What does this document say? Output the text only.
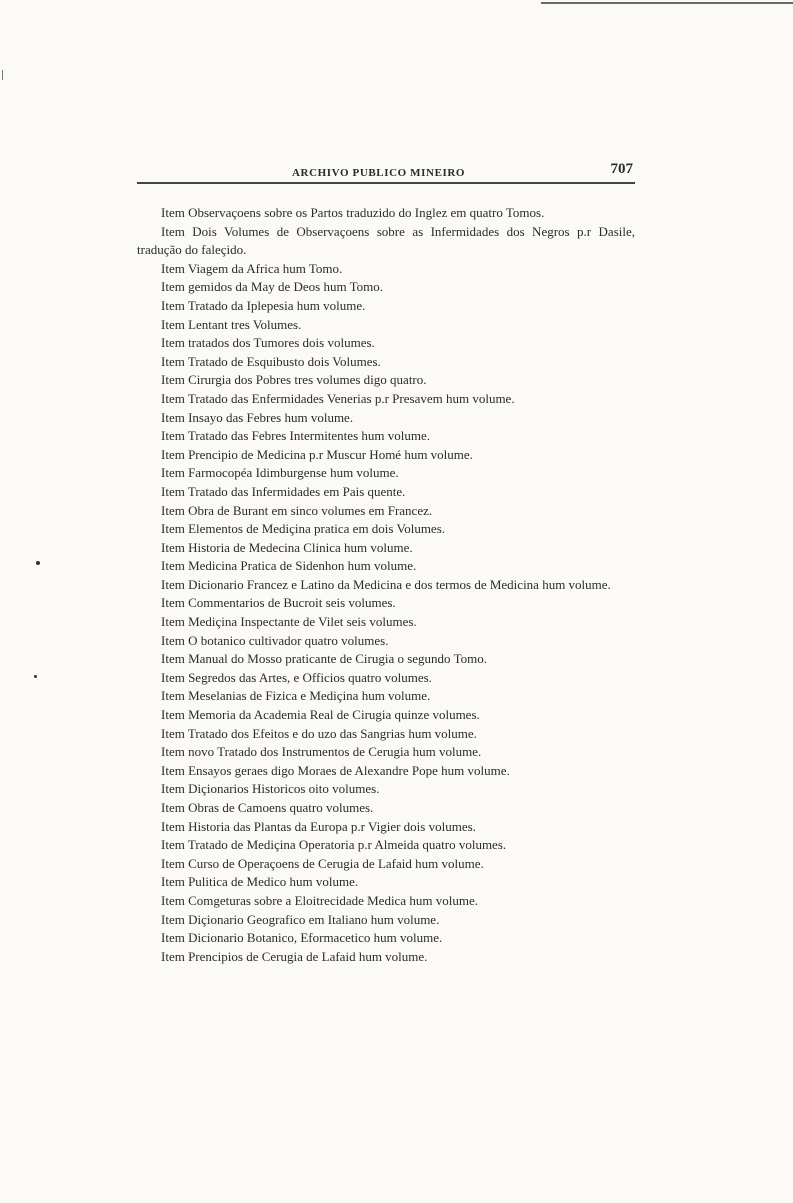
ARCHIVO PUBLICO MINEIRO	707
Item Observaçoens sobre os Partos traduzido do Inglez em quatro Tomos.
Item Dois Volumes de Observaçoens sobre as Infermidades dos Negros p.r Dasile, tradução do faleçido.
Item Viagem da Africa hum Tomo.
Item gemidos da May de Deos hum Tomo.
Item Tratado da Iplepesia hum volume.
Item Lentant tres Volumes.
Item tratados dos Tumores dois volumes.
Item Tratado de Esquibusto dois Volumes.
Item Cirurgia dos Pobres tres volumes digo quatro.
Item Tratado das Enfermidades Venerias p.r Presavem hum volume.
Item Insayo das Febres hum volume.
Item Tratado das Febres Intermitentes hum volume.
Item Prencipio de Medicina p.r Muscur Homé hum volume.
Item Farmocopéa Idimburgense hum volume.
Item Tratado das Infermidades em Pais quente.
Item Obra de Burant em sinco volumes em Francez.
Item Elementos de Mediçina pratica em dois Volumes.
Item Historia de Medecina Clinica hum volume.
Item Medicina Pratica de Sidenhon hum volume.
Item Dicionario Francez e Latino da Medicina e dos termos de Medicina hum volume.
Item Commentarios de Bucroit seis volumes.
Item Mediçina Inspectante de Vilet seis volumes.
Item O botanico cultivador quatro volumes.
Item Manual do Mosso praticante de Cirugia o segundo Tomo.
Item Segredos das Artes, e Officios quatro volumes.
Item Meselanias de Fizica e Mediçina hum volume.
Item Memoria da Academia Real de Cirugia quinze volumes.
Item Tratado dos Efeitos e do uzo das Sangrias hum volume.
Item novo Tratado dos Instrumentos de Cerugia hum volume.
Item Ensayos geraes digo Moraes de Alexandre Pope hum volume.
Item Diçionarios Historicos oito volumes.
Item Obras de Camoens quatro volumes.
Item Historia das Plantas da Europa p.r Vigier dois volumes.
Item Tratado de Mediçina Operatoria p.r Almeida quatro volumes.
Item Curso de Operaçoens de Cerugia de Lafaid hum volume.
Item Pulitica de Medico hum volume.
Item Comgeturas sobre a Eloitrecidade Medica hum volume.
Item Diçionario Geografico em Italiano hum volume.
Item Dicionario Botanico, Eformacetico hum volume.
Item Prencipios de Cerugia de Lafaid hum volume.
